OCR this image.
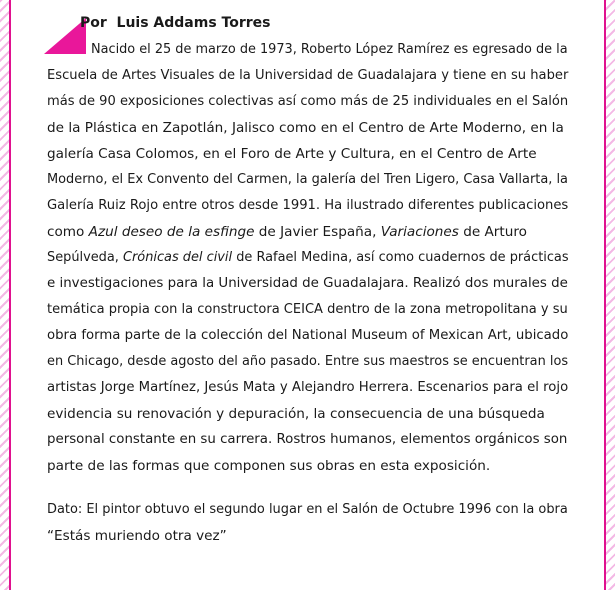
Por  Luis Addams Torres

Nacido el 25 de marzo de 1973, Roberto López Ramírez es egresado de la

Escuela de Artes Visuales de la Universidad de Guadalajara y tiene en su haber

más de 90 exposiciones colectivas así como más de 25 individuales en el Salón

de la Plástica en Zapotlán, Jalisco como en el Centro de Arte Moderno, en la

galería Casa Colomos, en el Foro de Arte y Cultura, en el Centro de Arte

Moderno, el Ex Convento del Carmen, la galería del Tren Ligero, Casa Vallarta, la

Galería Ruiz Rojo entre otros desde 1991. Ha ilustrado diferentes publicaciones

como Azul deseo de la esfinge de Javier España, Variaciones de Arturo

Sepúlveda, Crónicas del civil de Rafael Medina, así como cuadernos de prácticas

e investigaciones para la Universidad de Guadalajara. Realizó dos murales de

temática propia con la constructora CEICA dentro de la zona metropolitana y su

obra forma parte de la colección del National Museum of Mexican Art, ubicado

en Chicago, desde agosto del año pasado. Entre sus maestros se encuentran los

artistas Jorge Martínez, Jesús Mata y Alejandro Herrera. Escenarios para el rojo

evidencia su renovación y depuración, la consecuencia de una búsqueda

personal constante en su carrera. Rostros humanos, elementos orgánicos son

parte de las formas que componen sus obras en esta exposición.

Dato: El pintor obtuvo el segundo lugar en el Salón de Octubre 1996 con la obra

“Estás muriendo otra vez”
